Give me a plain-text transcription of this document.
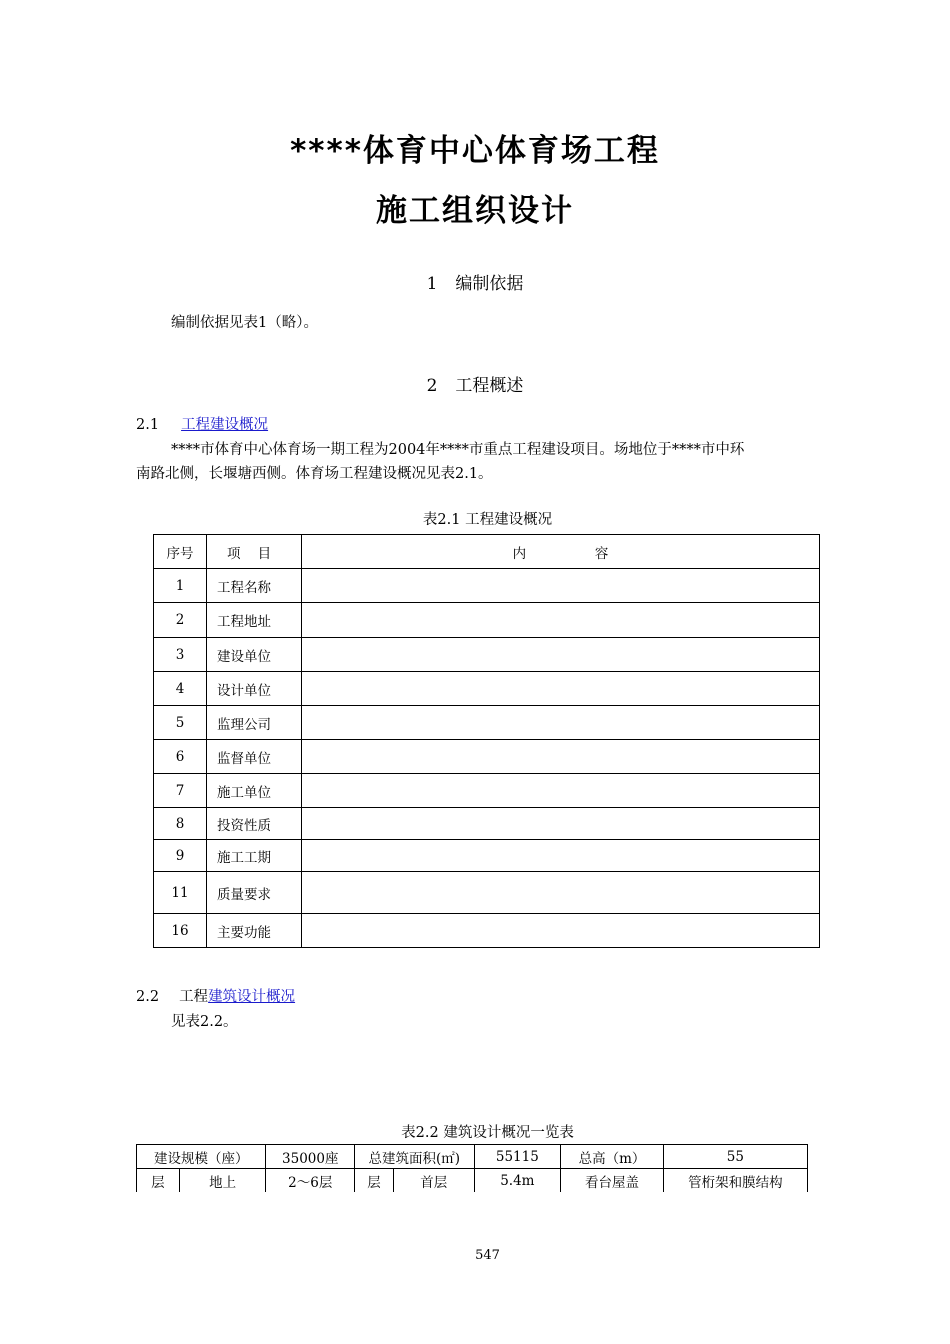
****体育中心体育场工程
施工组织设计
1 编制依据
编制依据见表1（略）。
2 工程概述
2.1 工程建设概况
****市体育中心体育场一期工程为2004年****市重点工程建设项目。场地位于****市中环
南路北侧，长堰塘西侧。体育场工程建设概况见表2.1。
表2.1 工程建设概况
序号	项    目	内                容
1	工程名称	
2	工程地址	
3	建设单位	
4	设计单位	
5	监理公司	
6	监督单位	
7	施工单位	
8	投资性质	
9	施工工期	
11	质量要求	
16	主要功能	
2.2 工程建筑设计概况
见表2.2。
表2.2 建筑设计概况一览表
建设规模（座）		35000座	总建筑面积(㎡)		55115	总高（m）	55
层	地上	2～6层	层	首层	5.4m	看台屋盖	管桁架和膜结构
547
